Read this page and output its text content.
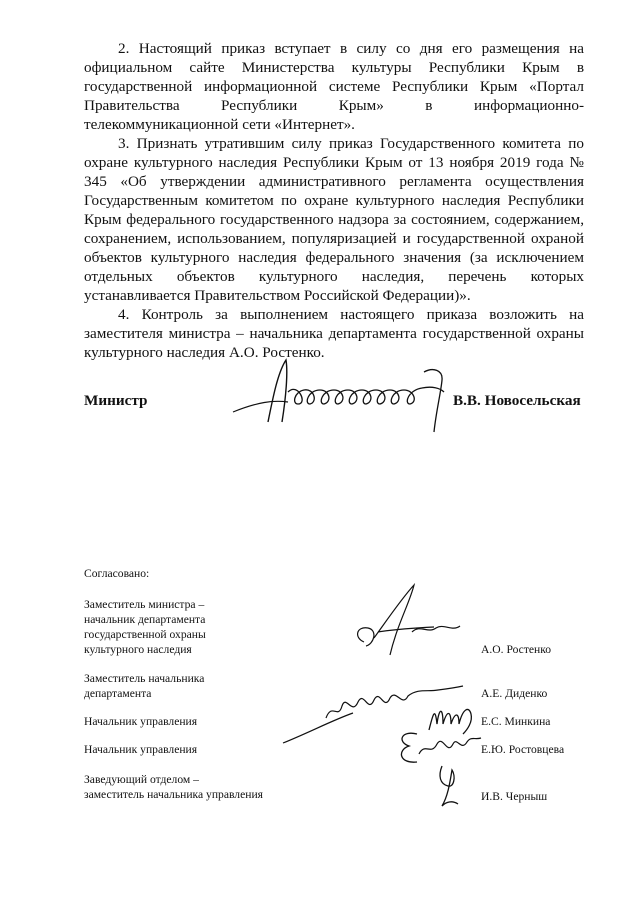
2. Настоящий приказ вступает в силу со дня его размещения на официальном сайте Министерства культуры Республики Крым в государственной информационной системе Республики Крым «Портал Правительства Республики Крым» в информационно-телекоммуникационной сети «Интернет».

3. Признать утратившим силу приказ Государственного комитета по охране культурного наследия Республики Крым от 13 ноября 2019 года № 345 «Об утверждении административного регламента осуществления Государственным комитетом по охране культурного наследия Республики Крым федерального государственного надзора за состоянием, содержанием, сохранением, использованием, популяризацией и государственной охраной объектов культурного наследия федерального значения (за исключением отдельных объектов культурного наследия, перечень которых устанавливается Правительством Российской Федерации)».

4. Контроль за выполнением настоящего приказа возложить на заместителя министра – начальника департамента государственной охраны культурного наследия А.О. Ростенко.

Министр	В.В. Новосельская
Согласовано:
Заместитель министра –
начальник департамента
государственной охраны
культурного наследия	А.О. Ростенко
Заместитель начальника
департамента	А.Е. Диденко
Начальник управления	Е.С. Минкина
Начальник управления	Е.Ю. Ростовцева
Заведующий отделом –
заместитель начальника управления	И.В. Черныш
